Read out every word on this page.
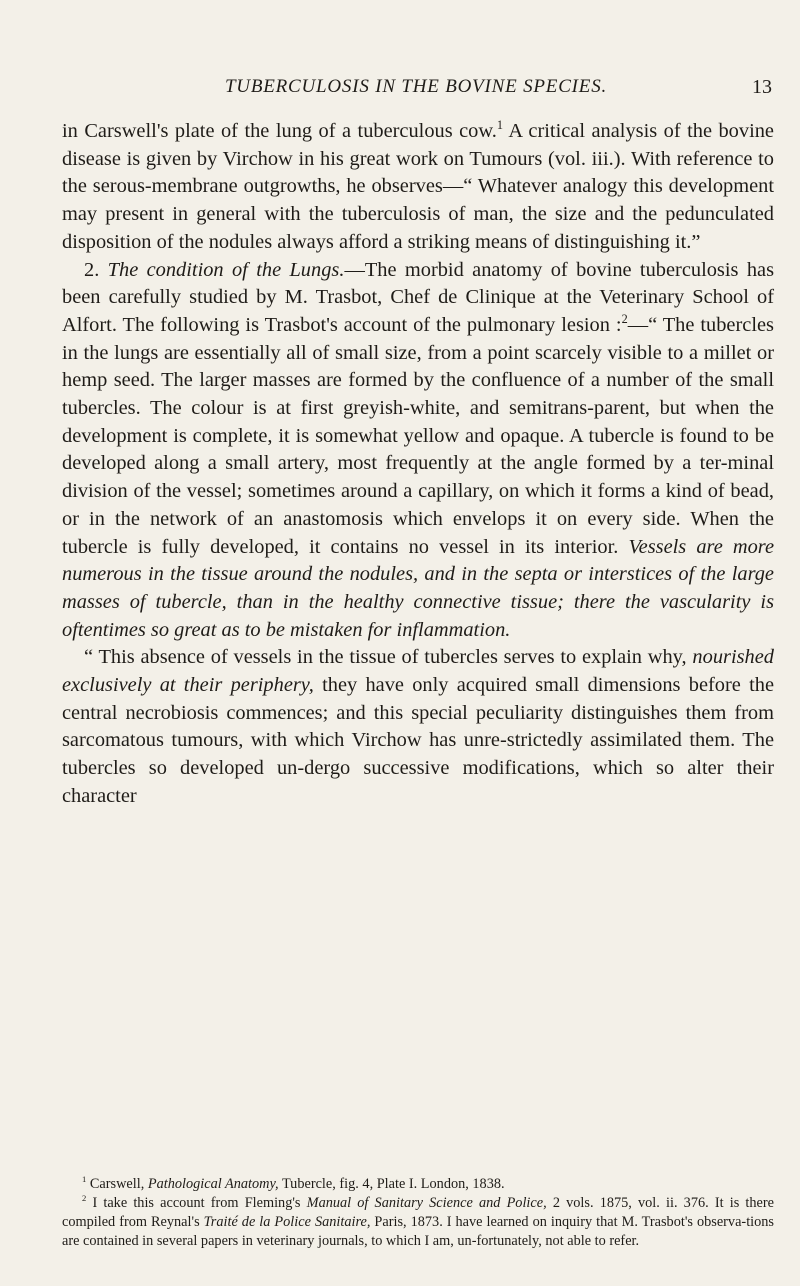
TUBERCULOSIS IN THE BOVINE SPECIES.	13

in Carswell's plate of the lung of a tuberculous cow.$^1$ A critical analysis of the bovine disease is given by Virchow in his great work on Tumours (vol. iii.). With reference to the serous-membrane outgrowths, he observes—“ Whatever analogy this development may present in general with the tuberculosis of man, the size and the pedunculated disposition of the nodules always afford a striking means of distinguishing it.”

2. The condition of the Lungs.—The morbid anatomy of bovine tuberculosis has been carefully studied by M. Trasbot, Chef de Clinique at the Veterinary School of Alfort. The following is Trasbot's account of the pulmonary lesion :$^2$—“ The tubercles in the lungs are essentially all of small size, from a point scarcely visible to a millet or hemp seed. The larger masses are formed by the confluence of a number of the small tubercles. The colour is at first greyish-white, and semitrans-parent, but when the development is complete, it is somewhat yellow and opaque. A tubercle is found to be developed along a small artery, most frequently at the angle formed by a ter-minal division of the vessel; sometimes around a capillary, on which it forms a kind of bead, or in the network of an anastomosis which envelops it on every side. When the tubercle is fully developed, it contains no vessel in its interior. Vessels are more numerous in the tissue around the nodules, and in the septa or interstices of the large masses of tubercle, than in the healthy connective tissue; there the vascularity is oftentimes so great as to be mistaken for inflammation.

“ This absence of vessels in the tissue of tubercles serves to explain why, nourished exclusively at their periphery, they have only acquired small dimensions before the central necrobiosis commences; and this special peculiarity distinguishes them from sarcomatous tumours, with which Virchow has unre-strictedly assimilated them. The tubercles so developed un-dergo successive modifications, which so alter their character

$^1$ Carswell, Pathological Anatomy, Tubercle, fig. 4, Plate I. London, 1838.

$^2$ I take this account from Fleming's Manual of Sanitary Science and Police, 2 vols. 1875, vol. ii. 376. It is there compiled from Reynal's Traité de la Police Sanitaire, Paris, 1873. I have learned on inquiry that M. Trasbot's observa-tions are contained in several papers in veterinary journals, to which I am, un-fortunately, not able to refer.
